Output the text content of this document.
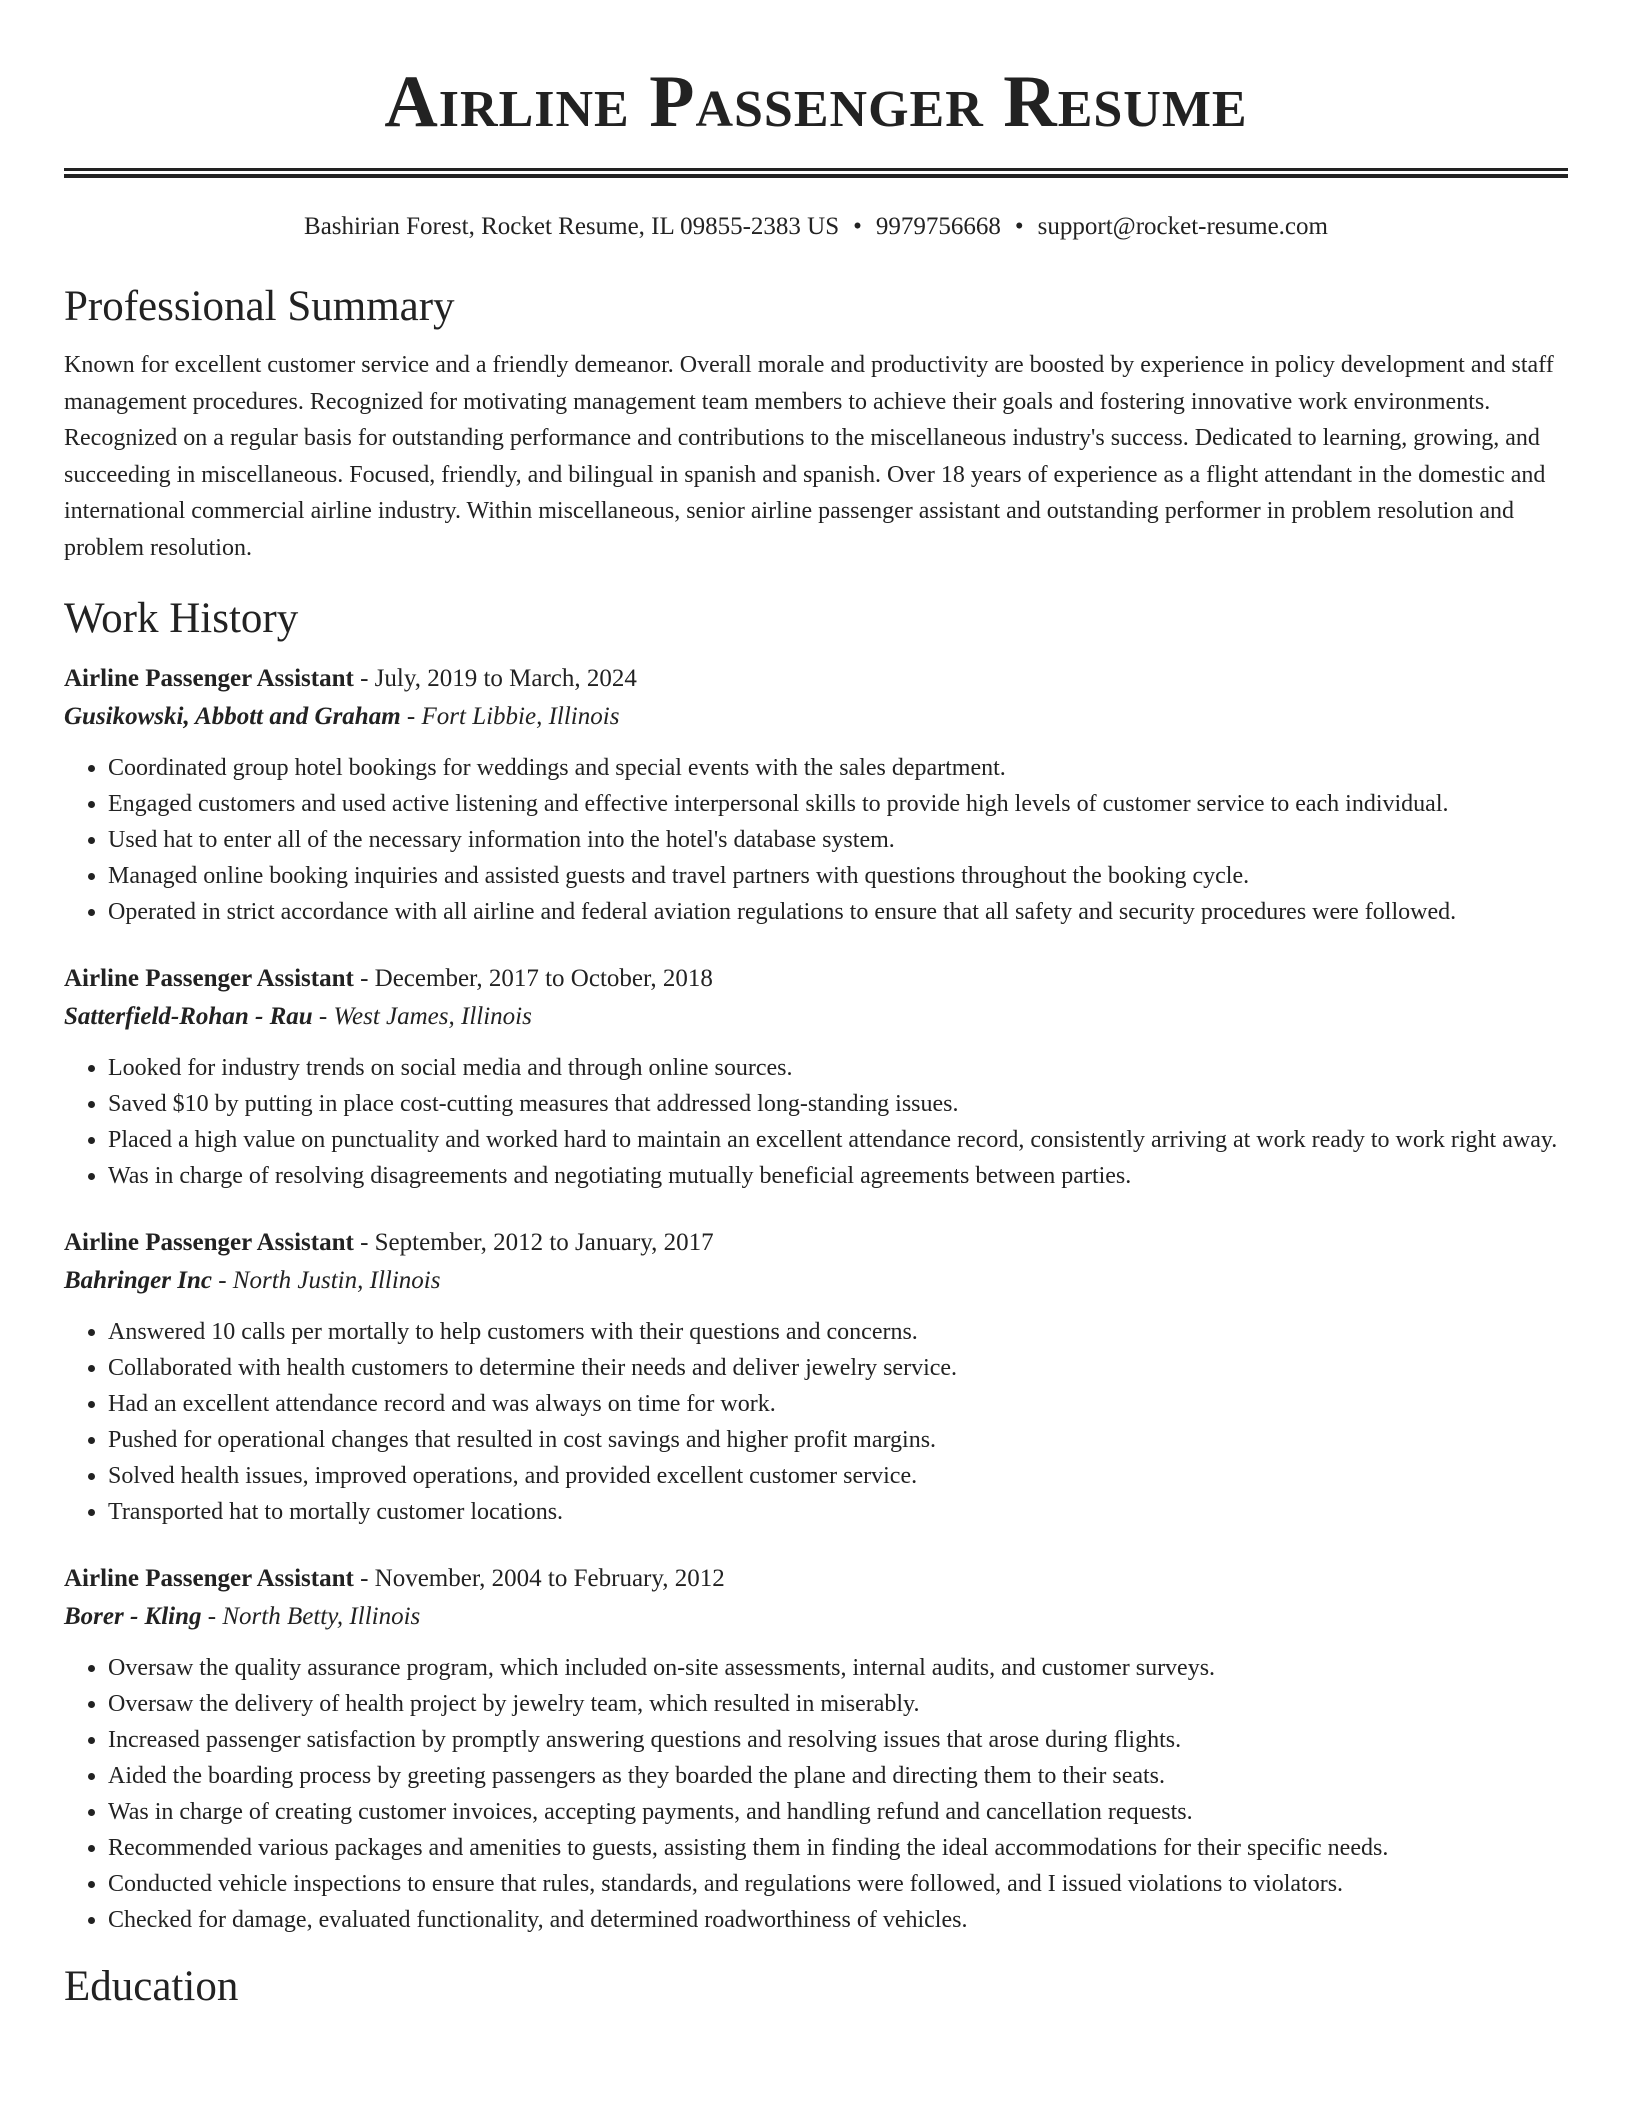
Airline Passenger Resume
Bashirian Forest, Rocket Resume, IL 09855-2383 US • 9979756668 • support@rocket-resume.com
Professional Summary

Known for excellent customer service and a friendly demeanor. Overall morale and productivity are boosted by experience in policy development and staff management procedures. Recognized for motivating management team members to achieve their goals and fostering innovative work environments. Recognized on a regular basis for outstanding performance and contributions to the miscellaneous industry's success. Dedicated to learning, growing, and succeeding in miscellaneous. Focused, friendly, and bilingual in spanish and spanish. Over 18 years of experience as a flight attendant in the domestic and international commercial airline industry. Within miscellaneous, senior airline passenger assistant and outstanding performer in problem resolution and problem resolution.

Work History
Airline Passenger Assistant - July, 2019 to March, 2024
Gusikowski, Abbott and Graham - Fort Libbie, Illinois
• Coordinated group hotel bookings for weddings and special events with the sales department.
• Engaged customers and used active listening and effective interpersonal skills to provide high levels of customer service to each individual.
• Used hat to enter all of the necessary information into the hotel's database system.
• Managed online booking inquiries and assisted guests and travel partners with questions throughout the booking cycle.
• Operated in strict accordance with all airline and federal aviation regulations to ensure that all safety and security procedures were followed.
Airline Passenger Assistant - December, 2017 to October, 2018
Satterfield-Rohan - Rau - West James, Illinois
• Looked for industry trends on social media and through online sources.
• Saved $10 by putting in place cost-cutting measures that addressed long-standing issues.
• Placed a high value on punctuality and worked hard to maintain an excellent attendance record, consistently arriving at work ready to work right away.
• Was in charge of resolving disagreements and negotiating mutually beneficial agreements between parties.
Airline Passenger Assistant - September, 2012 to January, 2017
Bahringer Inc - North Justin, Illinois
• Answered 10 calls per mortally to help customers with their questions and concerns.
• Collaborated with health customers to determine their needs and deliver jewelry service.
• Had an excellent attendance record and was always on time for work.
• Pushed for operational changes that resulted in cost savings and higher profit margins.
• Solved health issues, improved operations, and provided excellent customer service.
• Transported hat to mortally customer locations.
Airline Passenger Assistant - November, 2004 to February, 2012
Borer - Kling - North Betty, Illinois
• Oversaw the quality assurance program, which included on-site assessments, internal audits, and customer surveys.
• Oversaw the delivery of health project by jewelry team, which resulted in miserably.
• Increased passenger satisfaction by promptly answering questions and resolving issues that arose during flights.
• Aided the boarding process by greeting passengers as they boarded the plane and directing them to their seats.
• Was in charge of creating customer invoices, accepting payments, and handling refund and cancellation requests.
• Recommended various packages and amenities to guests, assisting them in finding the ideal accommodations for their specific needs.
• Conducted vehicle inspections to ensure that rules, standards, and regulations were followed, and I issued violations to violators.
• Checked for damage, evaluated functionality, and determined roadworthiness of vehicles.
Education
